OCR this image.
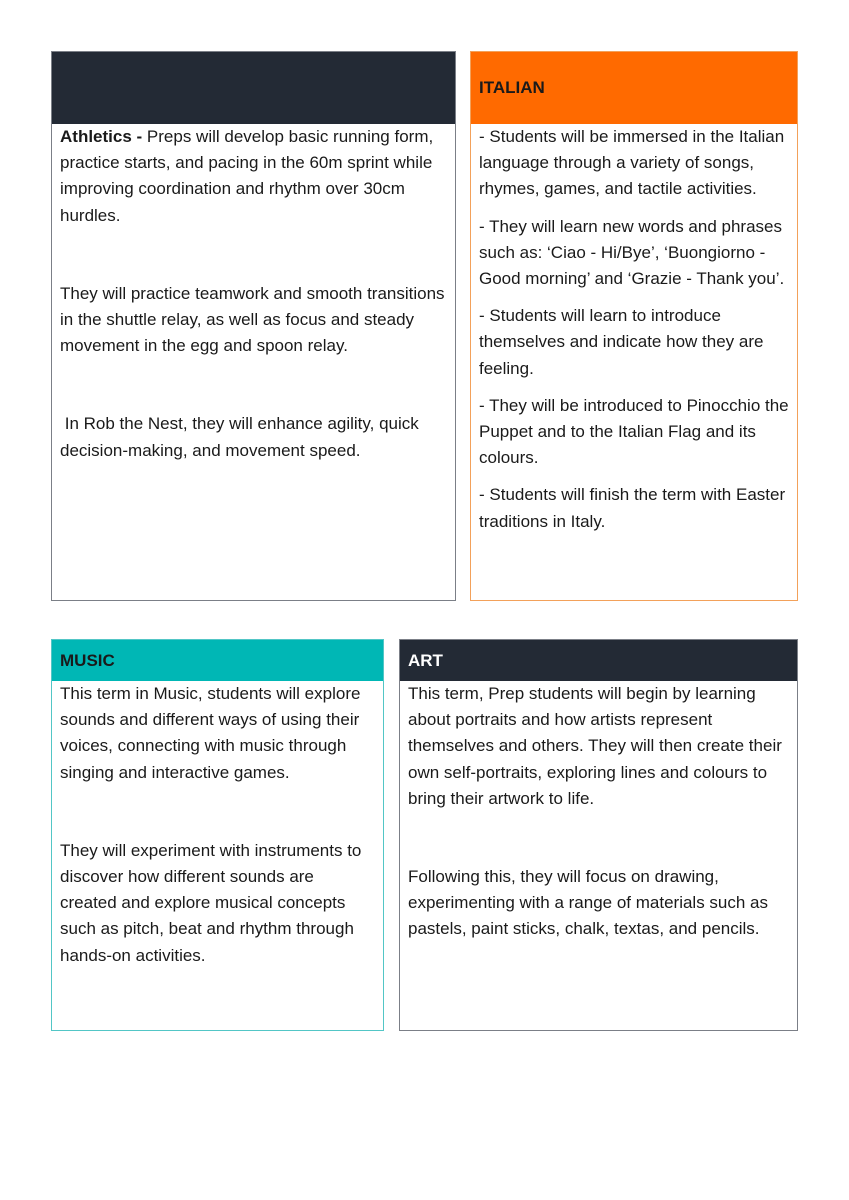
Athletics - Preps will develop basic running form, practice starts, and pacing in the 60m sprint while improving coordination and rhythm over 30cm hurdles.

They will practice teamwork and smooth transitions in the shuttle relay, as well as focus and steady movement in the egg and spoon relay.

In Rob the Nest, they will enhance agility, quick decision-making, and movement speed.

ITALIAN

- Students will be immersed in the Italian language through a variety of songs, rhymes, games, and tactile activities.

- They will learn new words and phrases such as: ‘Ciao - Hi/Bye’, ‘Buongiorno - Good morning’ and ‘Grazie - Thank you’.

- Students will learn to introduce themselves and indicate how they are feeling.

- They will be introduced to Pinocchio the Puppet and to the Italian Flag and its colours.

- Students will finish the term with Easter traditions in Italy.

MUSIC

This term in Music, students will explore sounds and different ways of using their voices, connecting with music through singing and interactive games.

They will experiment with instruments to discover how different sounds are created and explore musical concepts such as pitch, beat and rhythm through hands-on activities.

ART

This term, Prep students will begin by learning about portraits and how artists represent themselves and others. They will then create their own self-portraits, exploring lines and colours to bring their artwork to life.

Following this, they will focus on drawing, experimenting with a range of materials such as pastels, paint sticks, chalk, textas, and pencils.
